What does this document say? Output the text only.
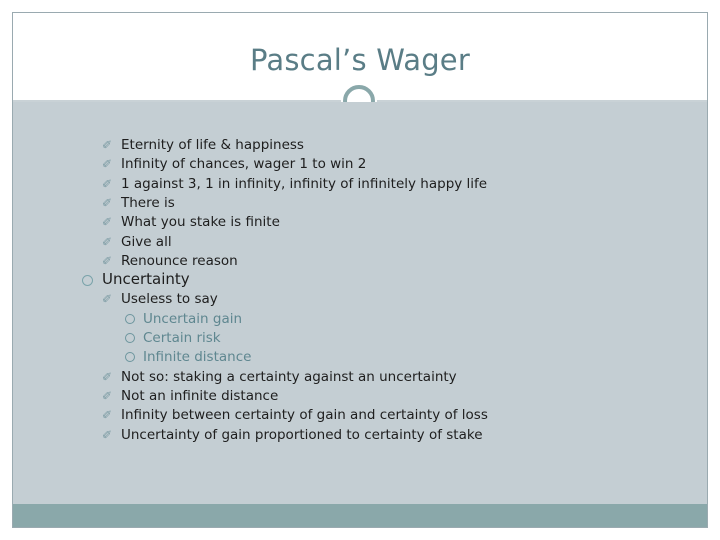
Pascal’s Wager
✐ Eternity of life & happiness
✐ Infinity of chances, wager 1 to win 2
✐ 1 against 3, 1 in infinity, infinity of infinitely happy life
✐ There is
✐ What you stake is finite
✐ Give all
✐ Renounce reason
Uncertainty
✐ Useless to say
Uncertain gain
Certain risk
Infinite distance
✐ Not so: staking a certainty against an uncertainty
✐ Not an infinite distance
✐ Infinity between certainty of gain and certainty of loss
✐ Uncertainty of gain proportioned to certainty of stake
